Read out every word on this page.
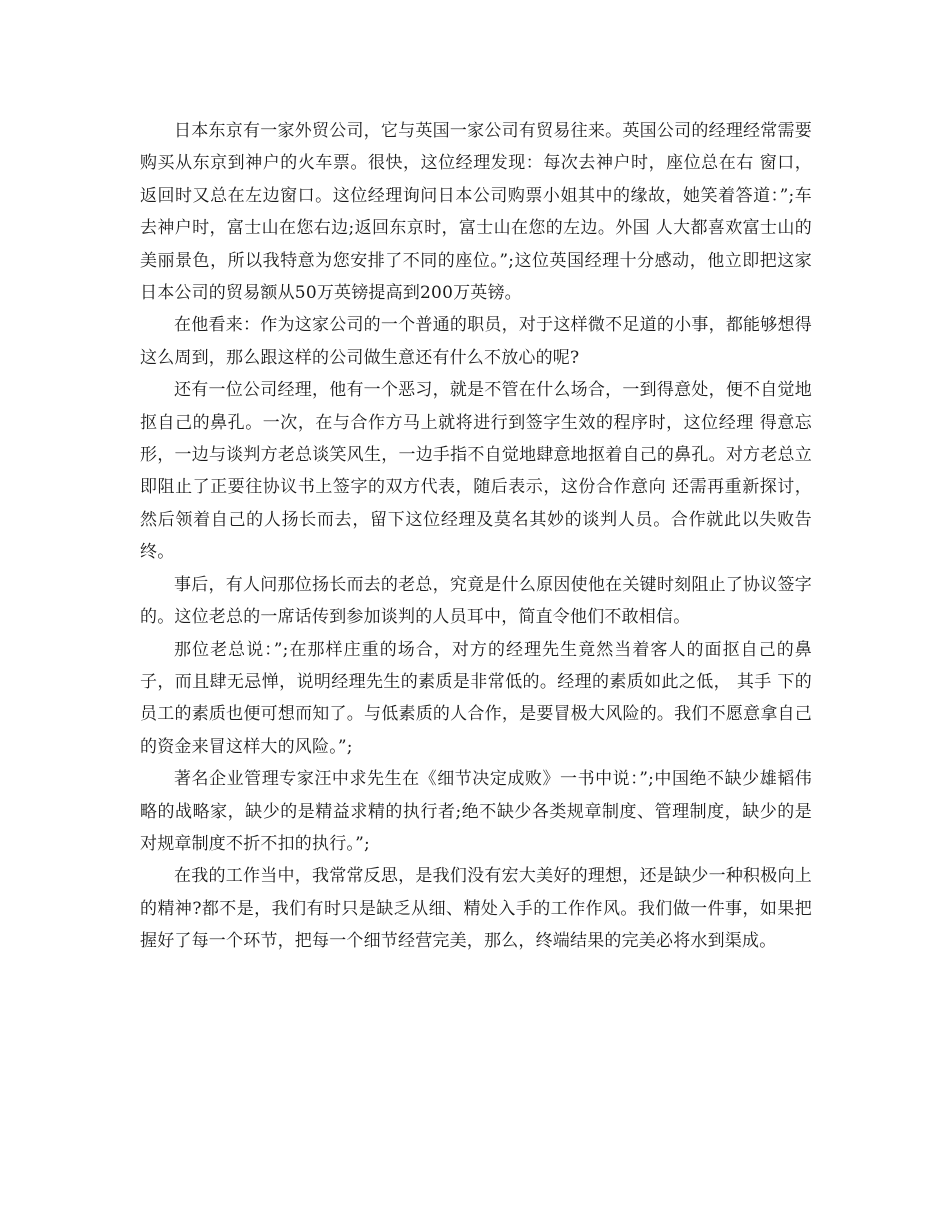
日本东京有一家外贸公司，它与英国一家公司有贸易往来。英国公司的经理经常需要购买从东京到神户的火车票。很快，这位经理发现：每次去神户时，座位总在右 窗口，返回时又总在左边窗口。这位经理询问日本公司购票小姐其中的缘故，她笑着答道：”;车去神户时，富士山在您右边;返回东京时，富士山在您的左边。外国 人大都喜欢富士山的美丽景色，所以我特意为您安排了不同的座位。”;这位英国经理十分感动，他立即把这家日本公司的贸易额从50万英镑提高到200万英镑。

在他看来：作为这家公司的一个普通的职员，对于这样微不足道的小事，都能够想得这么周到，那么跟这样的公司做生意还有什么不放心的呢?

还有一位公司经理，他有一个恶习，就是不管在什么场合，一到得意处，便不自觉地抠自己的鼻孔。一次，在与合作方马上就将进行到签字生效的程序时，这位经理 得意忘形，一边与谈判方老总谈笑风生，一边手指不自觉地肆意地抠着自己的鼻孔。对方老总立即阻止了正要往协议书上签字的双方代表，随后表示，这份合作意向 还需再重新探讨，然后领着自己的人扬长而去，留下这位经理及莫名其妙的谈判人员。合作就此以失败告终。

事后，有人问那位扬长而去的老总，究竟是什么原因使他在关键时刻阻止了协议签字的。这位老总的一席话传到参加谈判的人员耳中，简直令他们不敢相信。

那位老总说：”;在那样庄重的场合，对方的经理先生竟然当着客人的面抠自己的鼻子，而且肆无忌惮，说明经理先生的素质是非常低的。经理的素质如此之低， 其手 下的员工的素质也便可想而知了。与低素质的人合作，是要冒极大风险的。我们不愿意拿自己的资金来冒这样大的风险。”;

著名企业管理专家汪中求先生在《细节决定成败》一书中说：”;中国绝不缺少雄韬伟略的战略家，缺少的是精益求精的执行者;绝不缺少各类规章制度、管理制度，缺少的是对规章制度不折不扣的执行。”;

在我的工作当中，我常常反思，是我们没有宏大美好的理想，还是缺少一种积极向上的精神?都不是，我们有时只是缺乏从细、精处入手的工作作风。我们做一件事，如果把握好了每一个环节，把每一个细节经营完美，那么，终端结果的完美必将水到渠成。
